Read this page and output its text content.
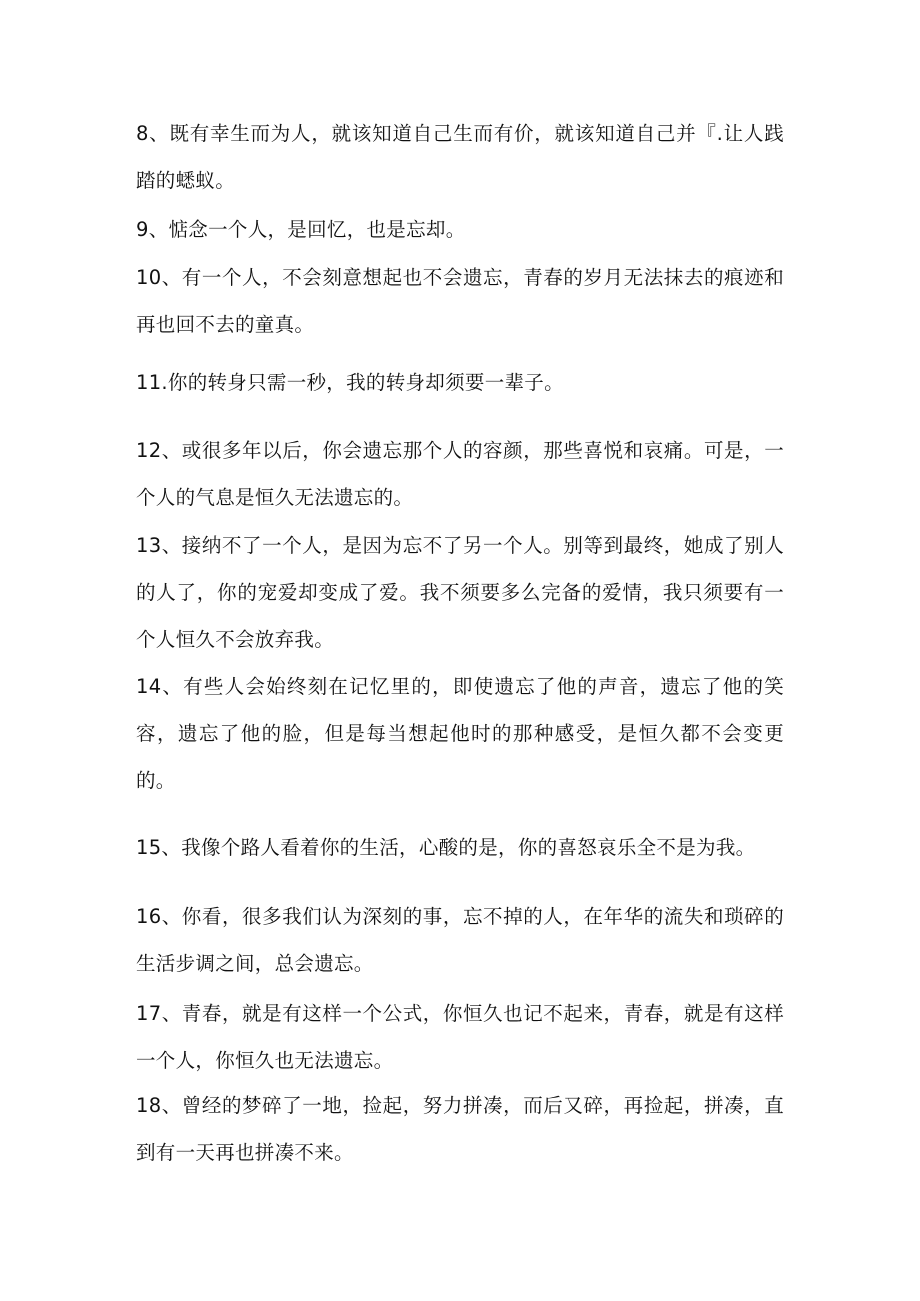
8、既有幸生而为人，就该知道自己生而有价，就该知道自己并『.让人践踏的蟋蚁。

9、惦念一个人，是回忆，也是忘却。

10、有一个人，不会刻意想起也不会遗忘，青春的岁月无法抹去的痕迹和再也回不去的童真。

11.你的转身只需一秒，我的转身却须要一辈子。

12、或很多年以后，你会遗忘那个人的容颜，那些喜悦和哀痛。可是，一个人的气息是恒久无法遗忘的。

13、接纳不了一个人，是因为忘不了另一个人。别等到最终，她成了别人的人了，你的宠爱却变成了爱。我不须要多么完备的爱情，我只须要有一个人恒久不会放弃我。

14、有些人会始终刻在记忆里的，即使遗忘了他的声音，遗忘了他的笑容，遗忘了他的脸，但是每当想起他时的那种感受，是恒久都不会变更的。

15、我像个路人看着你的生活，心酸的是，你的喜怒哀乐全不是为我。

16、你看，很多我们认为深刻的事，忘不掉的人，在年华的流失和琐碎的生活步调之间，总会遗忘。

17、青春，就是有这样一个公式，你恒久也记不起来，青春，就是有这样一个人，你恒久也无法遗忘。

18、曾经的梦碎了一地，捡起，努力拼凑，而后又碎，再捡起，拼凑，直到有一天再也拼凑不来。
